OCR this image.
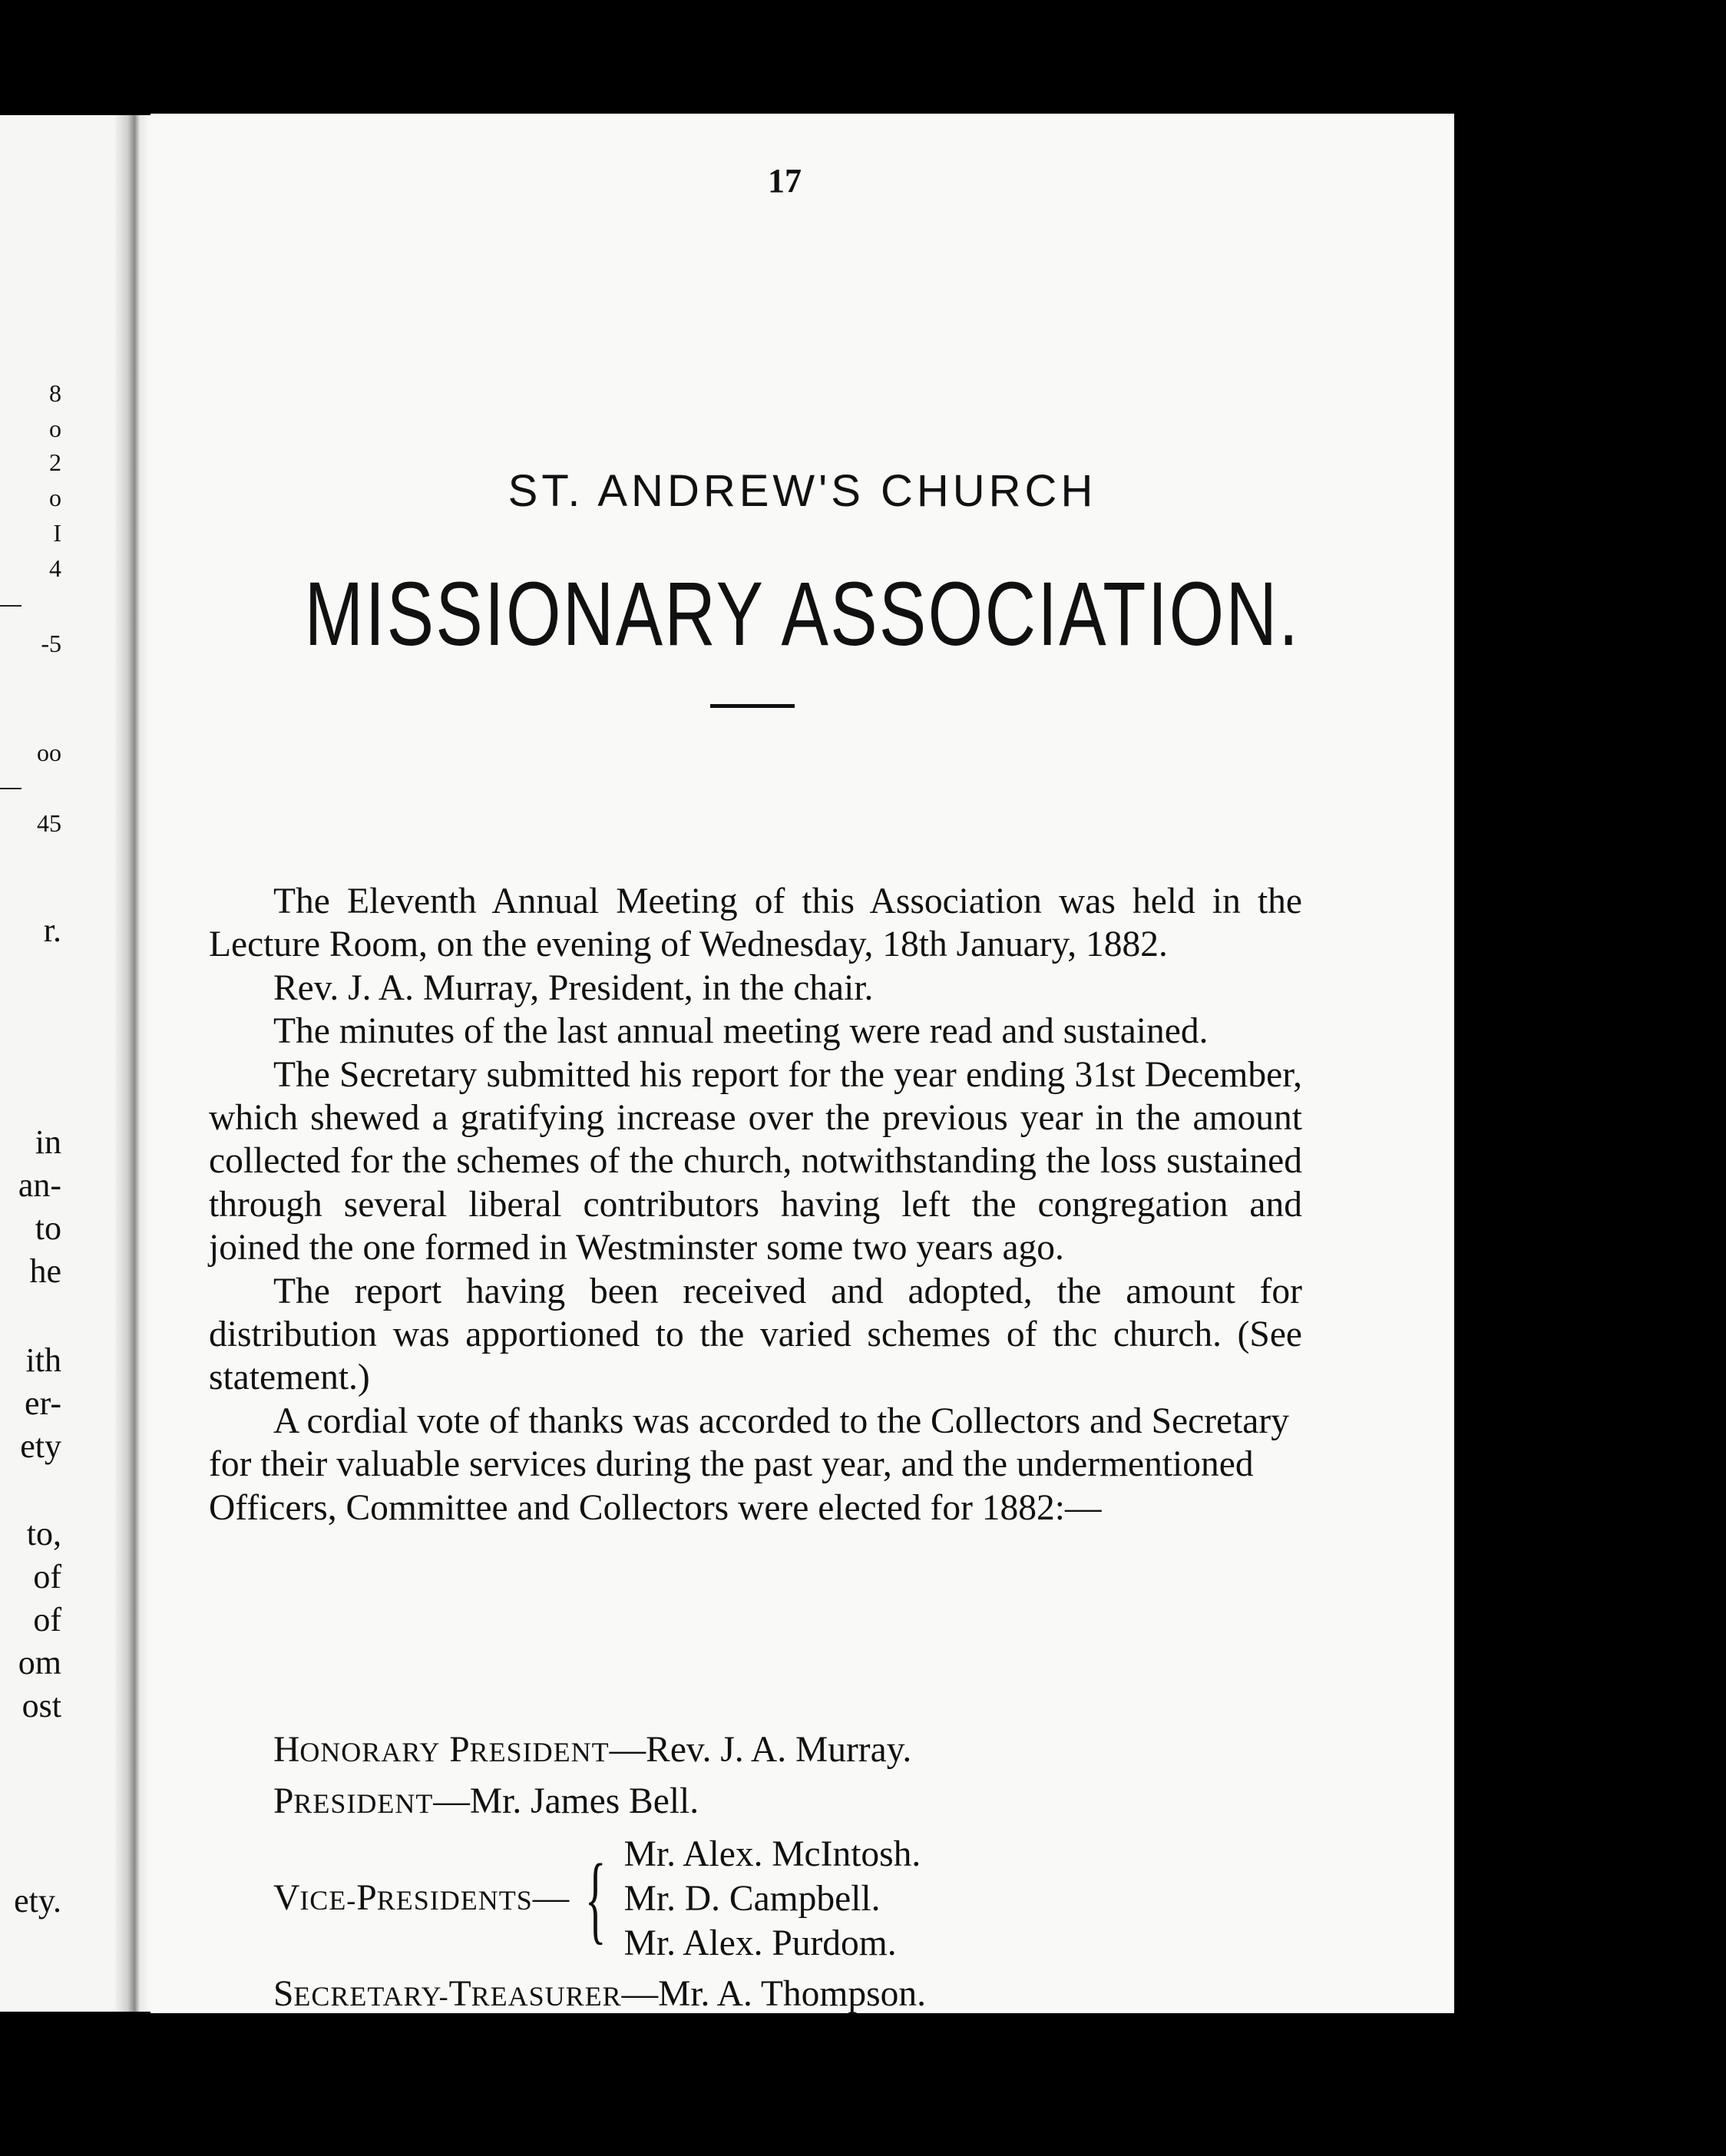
8
o
2
o
I
4
-5
oo
45
r.
in
an-
to
he
ith
er-
ety
to,
of
of
om
ost
ety.
17
ST. ANDREW'S CHURCH
MISSIONARY ASSOCIATION.

The Eleventh Annual Meeting of this Association was held in the Lecture Room, on the evening of Wednesday, 18th January, 1882.

Rev. J. A. Murray, President, in the chair.

The minutes of the last annual meeting were read and sustained.

The Secretary submitted his report for the year ending 31st December, which shewed a gratifying increase over the previous year in the amount collected for the schemes of the church, notwithstanding the loss sustained through several liberal contributors having left the congregation and joined the one formed in Westminster some two years ago.

The report having been received and adopted, the amount for distribution was apportioned to the varied schemes of thc church. (See statement.)

A cordial vote of thanks was accorded to the Collectors and Secretary for their valuable services during the past year, and the undermentioned Officers, Committee and Collectors were elected for 1882:—

HONORARY PRESIDENT—Rev. J. A. Murray.
PRESIDENT—Mr. James Bell.
VICE-PRESIDENTS— { Mr. Alex. McIntosh.
Mr. D. Campbell.
Mr. Alex. Purdom.
SECRETARY-TREASURER—Mr. A. Thompson.
